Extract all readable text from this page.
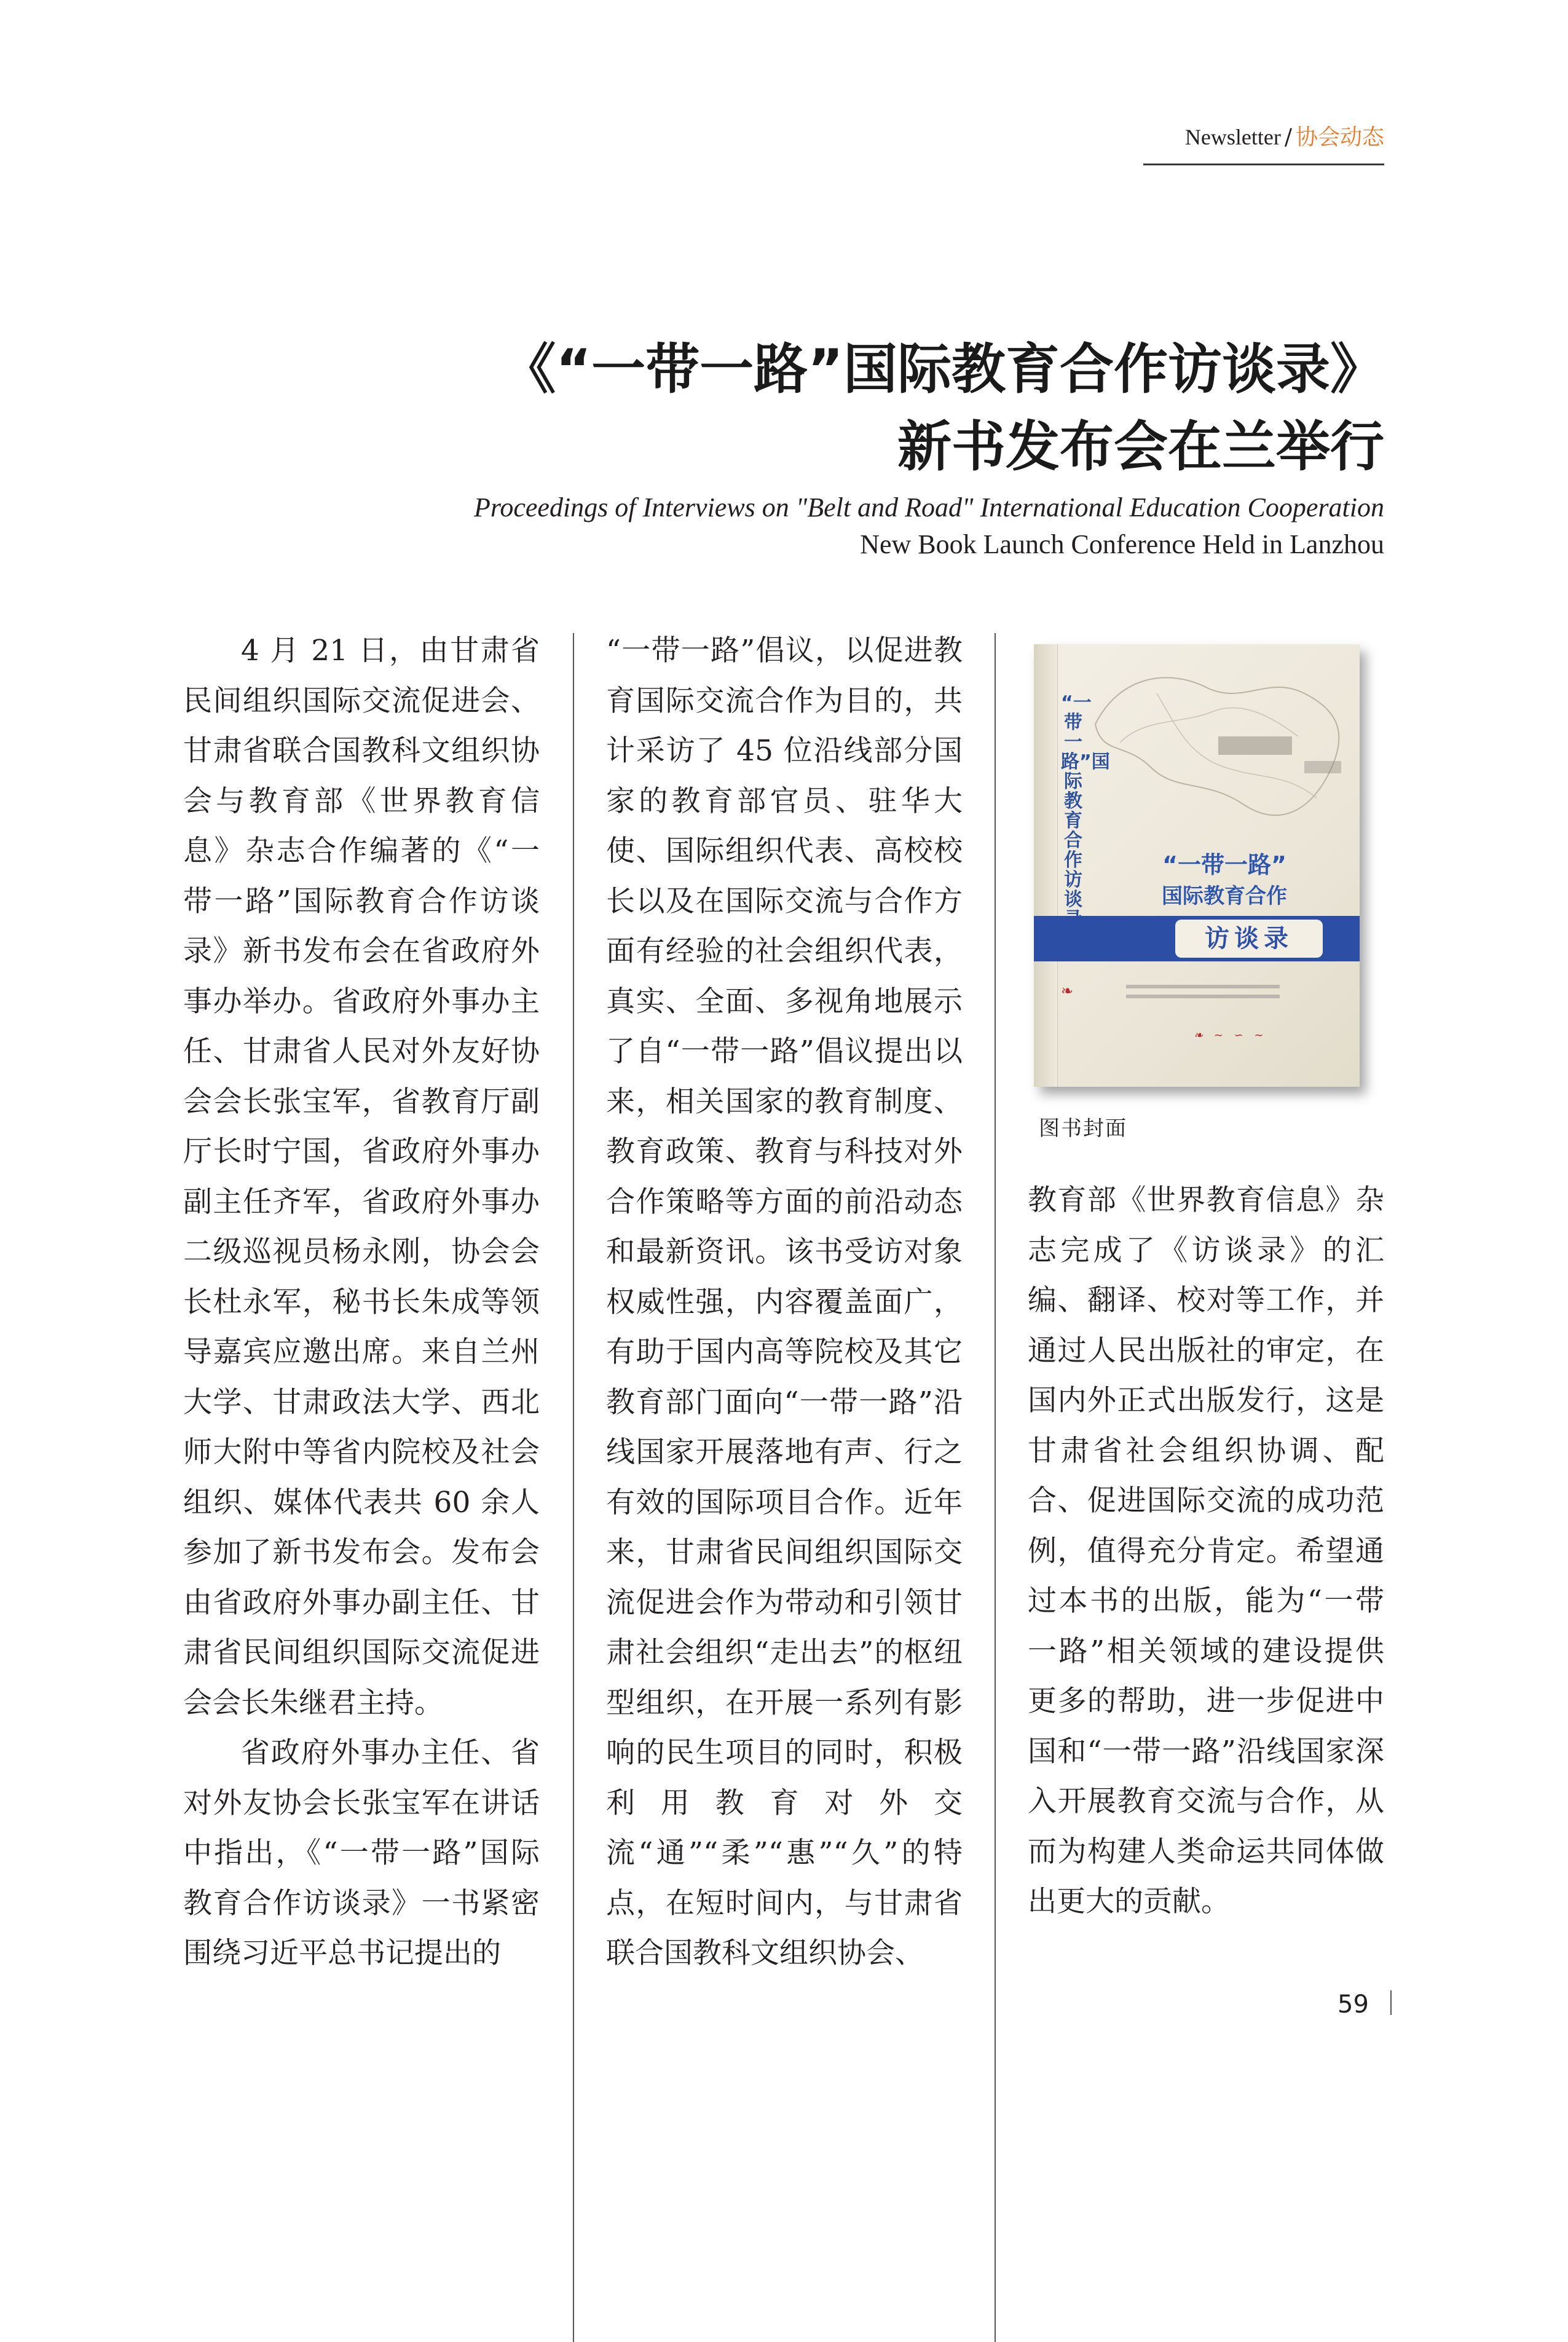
Newsletter / 协会动态
《“一带一路”国际教育合作访谈录》
新书发布会在兰举行
Proceedings of Interviews on "Belt and Road" International Education Cooperation
New Book Launch Conference Held in Lanzhou

4 月 21 日，由甘肃省民间组织国际交流促进会、甘肃省联合国教科文组织协会与教育部《世界教育信息》杂志合作编著的《“一带一路”国际教育合作访谈录》新书发布会在省政府外事办举办。省政府外事办主任、甘肃省人民对外友好协会会长张宝军，省教育厅副厅长时宁国，省政府外事办副主任齐军，省政府外事办二级巡视员杨永刚，协会会长杜永军，秘书长朱成等领导嘉宾应邀出席。来自兰州大学、甘肃政法大学、西北师大附中等省内院校及社会组织、媒体代表共 60 余人参加了新书发布会。发布会由省政府外事办副主任、甘肃省民间组织国际交流促进会会长朱继君主持。

省政府外事办主任、省对外友协会长张宝军在讲话中指出，《“一带一路”国际教育合作访谈录》一书紧密围绕习近平总书记提出的

“一带一路”倡议，以促进教育国际交流合作为目的，共计采访了 45 位沿线部分国家的教育部官员、驻华大使、国际组织代表、高校校长以及在国际交流与合作方面有经验的社会组织代表，真实、全面、多视角地展示了自“一带一路”倡议提出以来，相关国家的教育制度、教育政策、教育与科技对外合作策略等方面的前沿动态和最新资讯。该书受访对象权威性强，内容覆盖面广，有助于国内高等院校及其它教育部门面向“一带一路”沿线国家开展落地有声、行之有效的国际项目合作。近年来，甘肃省民间组织国际交流促进会作为带动和引领甘肃社会组织“走出去”的枢纽型组织，在开展一系列有影响的民生项目的同时，积极利用教育对外交流“通”“柔”“惠”“久”的特点，在短时间内，与甘肃省联合国教科文组织协会、

“一带一路”国际教育合作访谈
“一带一路”
国际教育合作
访谈录
❧
❧ ∼ ∽ ∼
图书封面

教育部《世界教育信息》杂志完成了《访谈录》的汇编、翻译、校对等工作，并通过人民出版社的审定，在国内外正式出版发行，这是甘肃省社会组织协调、配合、促进国际交流的成功范例，值得充分肯定。希望通过本书的出版，能为“一带一路”相关领域的建设提供更多的帮助，进一步促进中国和“一带一路”沿线国家深入开展教育交流与合作，从而为构建人类命运共同体做出更大的贡献。

59
